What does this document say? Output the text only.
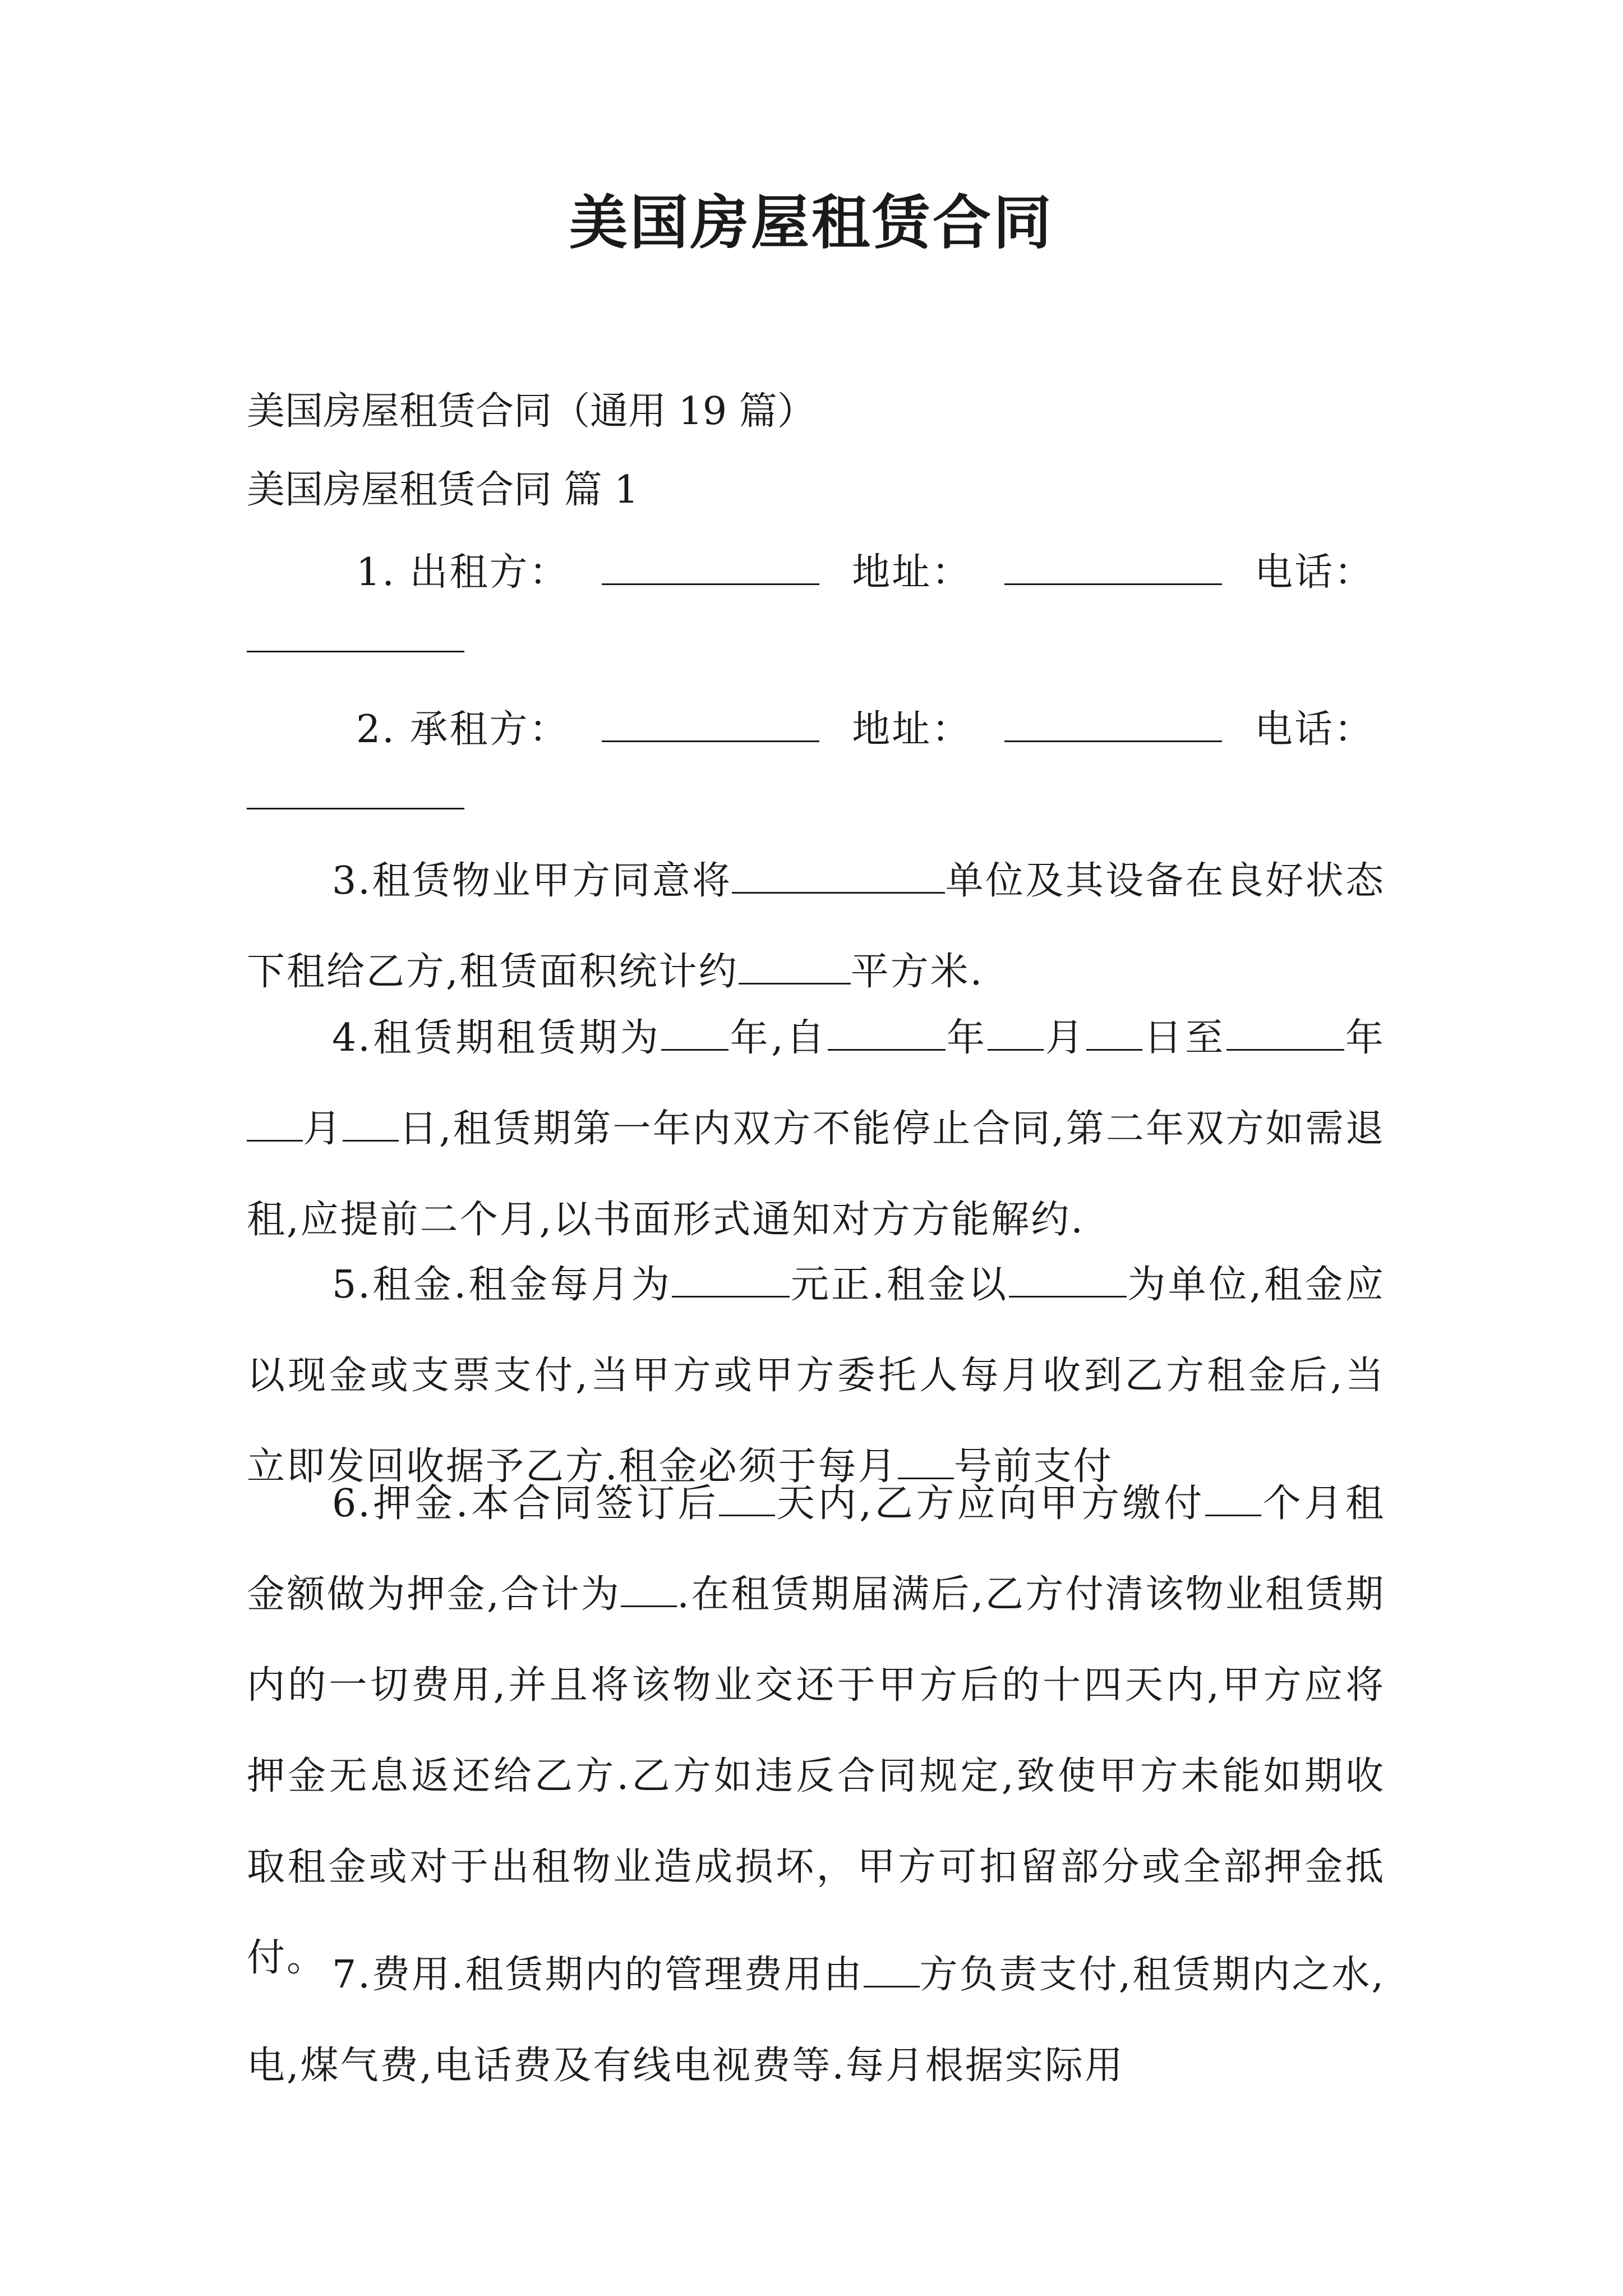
美国房屋租赁合同
美国房屋租赁合同（通用 19 篇）
美国房屋租赁合同 篇 1
1. 出租方：	地址：	电话：
2. 承租方：	地址：	电话：
3.租赁物业甲方同意将	单位及其设备在良好状态下租给乙方,租赁面积统计约	平方米.
4.租赁期租赁期为 年,自	年 月 日至	年月 日,租赁期第一年内双方不能停止合同,第二年双方如需退租,应提前二个月,以书面形式通知对方方能解约.
5.租金.租金每月为	元正.租金以	为单位,租金应以现金或支票支付,当甲方或甲方委托人每月收到乙方租金后,当立即发回收据予乙方.租金必须于每月 号前支付
6.押金.本合同签订后 天内,乙方应向甲方缴付 个月租金额做为押金,合计为 .在租赁期届满后,乙方付清该物业租赁期内的一切费用,并且将该物业交还于甲方后的十四天内,甲方应将押金无息返还给乙方.乙方如违反合同规定,致使甲方未能如期收取租金或对于出租物业造成损坏，甲方可扣留部分或全部押金抵付。 7.费用.租赁期内的管理费用由 方负责支付,租赁期内之水,电,煤气费,电话费及有线电视费等.每月根据实际用
